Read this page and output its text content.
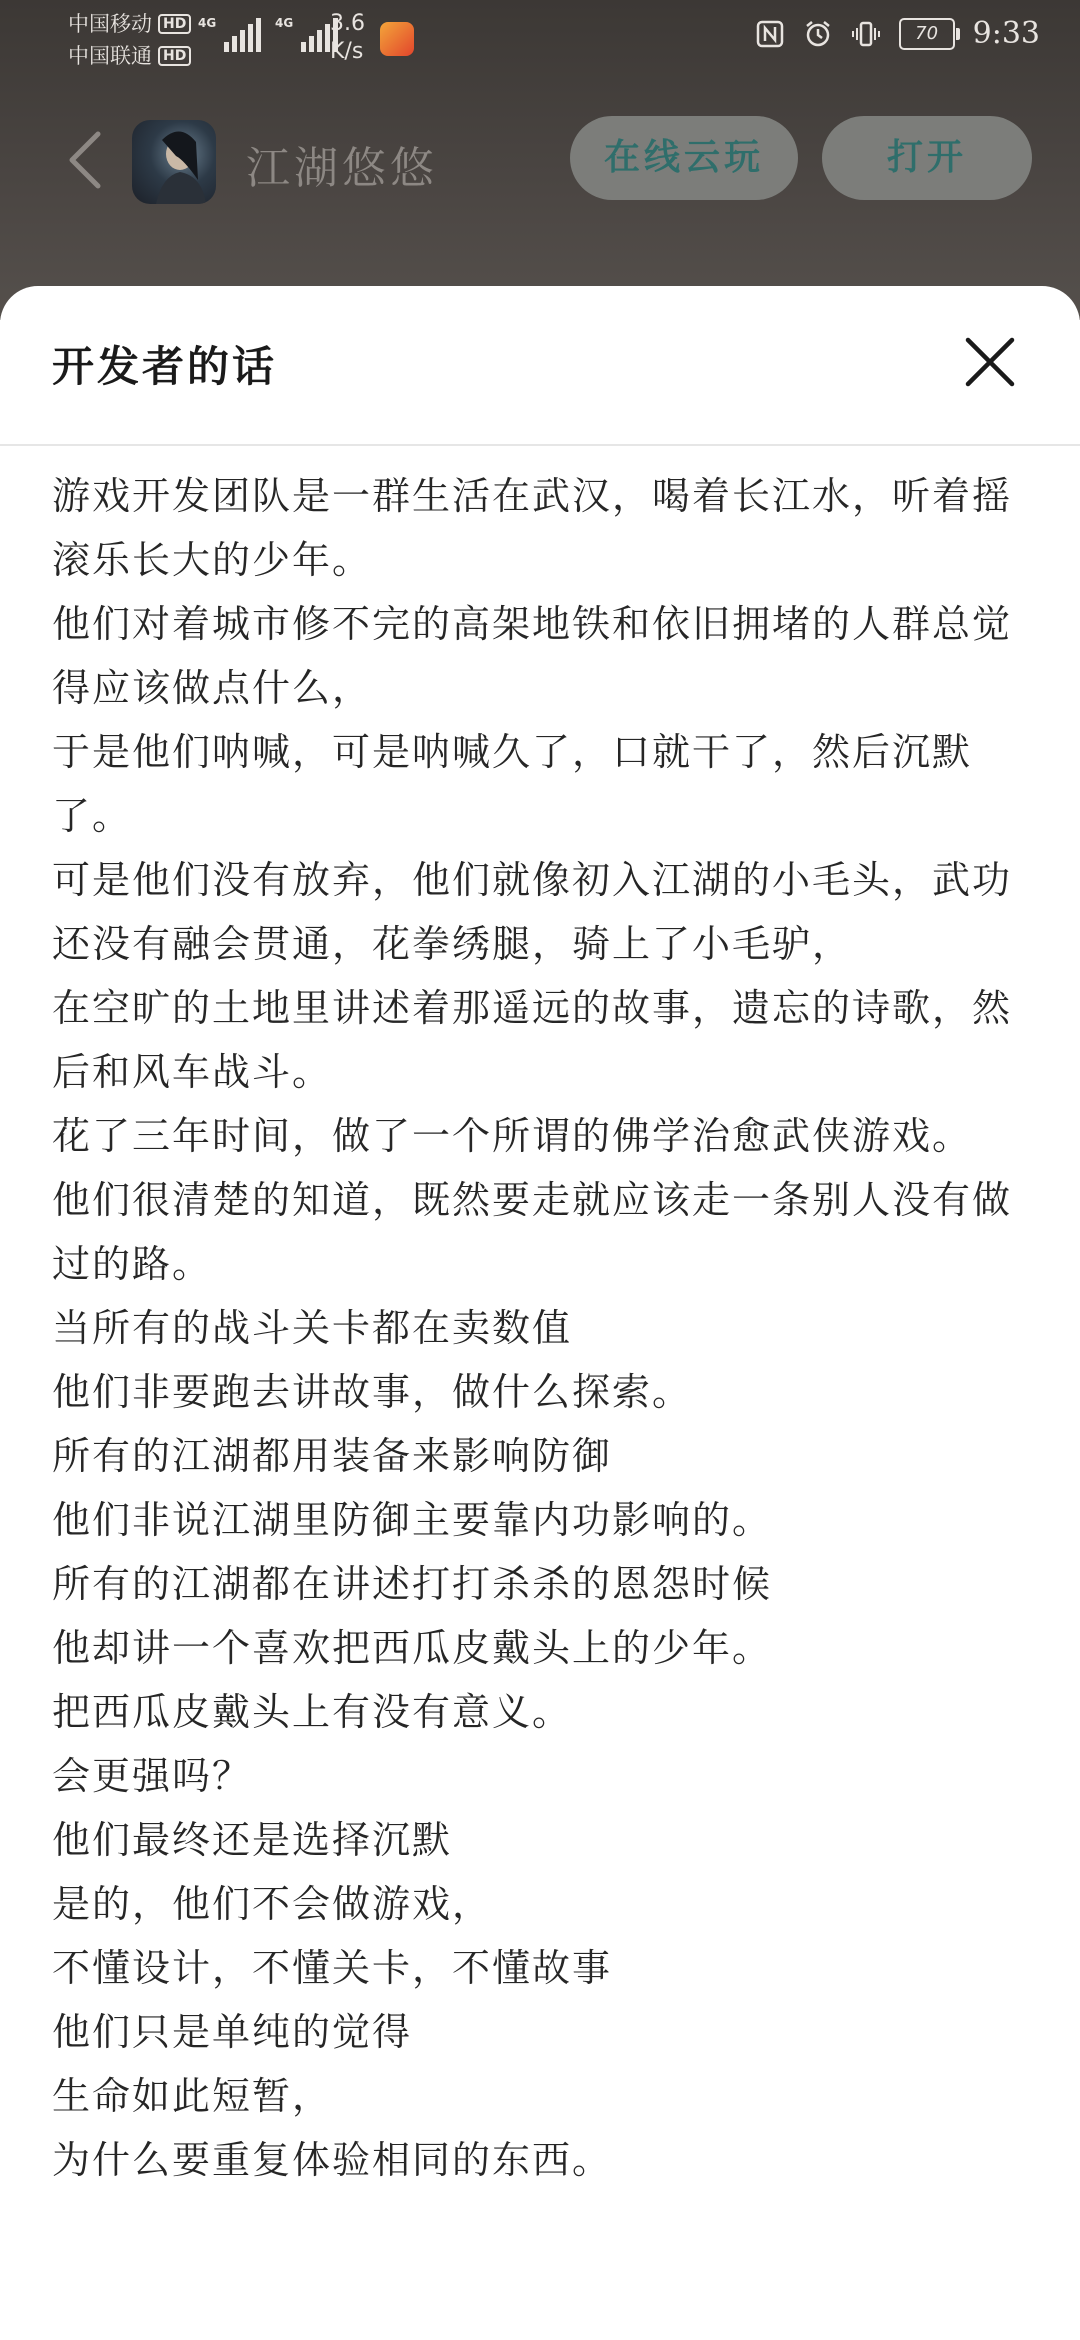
中国移动 HD
中国联通 HD
4G	4G 3.6
K/s
70	9:33
江湖悠悠	在线云玩	打开
开发者的话
游戏开发团队是一群生活在武汉，喝着长江水，听着摇滚乐长大的少年。
他们对着城市修不完的高架地铁和依旧拥堵的人群总觉得应该做点什么，
于是他们呐喊，可是呐喊久了，口就干了，然后沉默了。
可是他们没有放弃，他们就像初入江湖的小毛头，武功还没有融会贯通，花拳绣腿，骑上了小毛驴，
在空旷的土地里讲述着那遥远的故事，遗忘的诗歌，然后和风车战斗。
花了三年时间，做了一个所谓的佛学治愈武侠游戏。
他们很清楚的知道，既然要走就应该走一条别人没有做过的路。
当所有的战斗关卡都在卖数值
他们非要跑去讲故事，做什么探索。
所有的江湖都用装备来影响防御
他们非说江湖里防御主要靠内功影响的。
所有的江湖都在讲述打打杀杀的恩怨时候
他却讲一个喜欢把西瓜皮戴头上的少年。
把西瓜皮戴头上有没有意义。
会更强吗？
他们最终还是选择沉默
是的，他们不会做游戏，
不懂设计，不懂关卡，不懂故事
他们只是单纯的觉得
生命如此短暂，
为什么要重复体验相同的东西。
